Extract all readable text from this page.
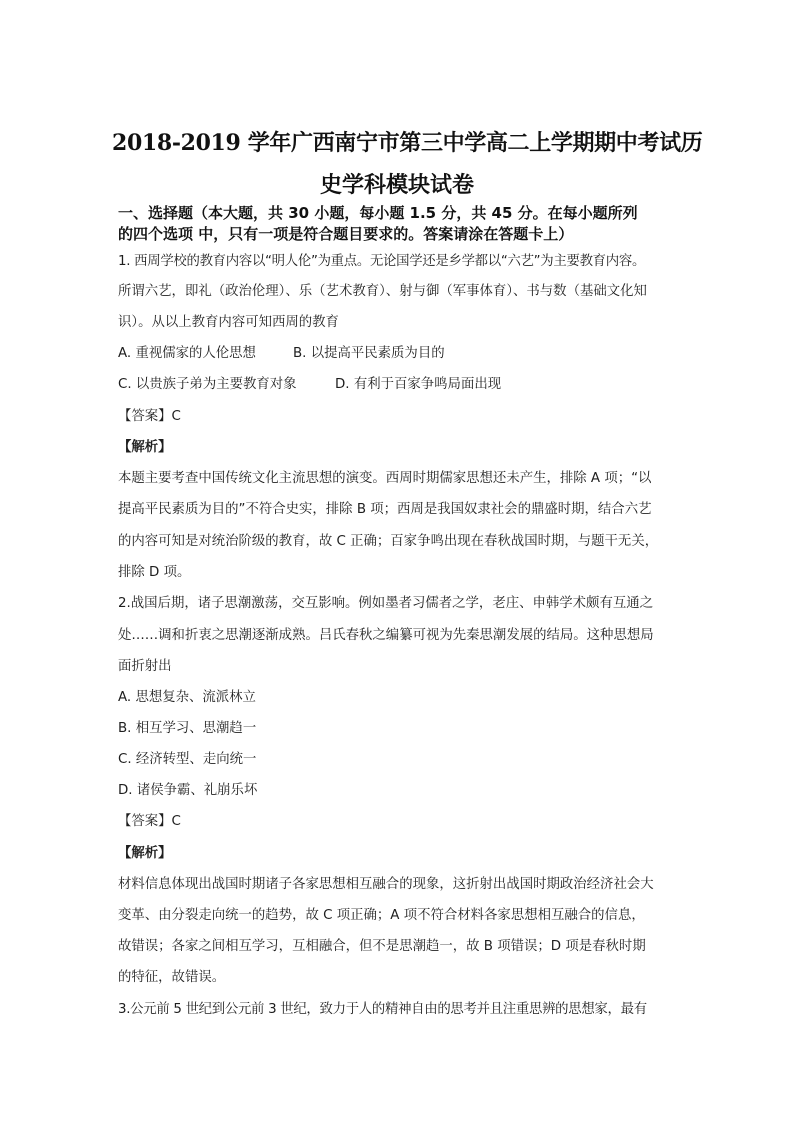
2018-2019 学年广西南宁市第三中学高二上学期期中考试历
史学科模块试卷
一、选择题（本大题，共 30 小题，每小题 1.5 分，共 45 分。在每小题所列
的四个选项 中，只有一项是符合题目要求的。答案请涂在答题卡上）
1. 西周学校的教育内容以“明人伦”为重点。无论国学还是乡学都以“六艺”为主要教育内容。
所谓六艺，即礼（政治伦理）、乐（艺术教育）、射与御（军事体育）、书与数（基础文化知
识）。从以上教育内容可知西周的教育
A. 重视儒家的人伦思想	B. 以提高平民素质为目的
C. 以贵族子弟为主要教育对象	D. 有利于百家争鸣局面出现
【答案】C
【解析】
本题主要考查中国传统文化主流思想的演变。西周时期儒家思想还未产生，排除 A 项；“以
提高平民素质为目的”不符合史实，排除 B 项；西周是我国奴隶社会的鼎盛时期，结合六艺
的内容可知是对统治阶级的教育，故 C 正确；百家争鸣出现在春秋战国时期，与题干无关，
排除 D 项。
2.战国后期，诸子思潮激荡，交互影响。例如墨者习儒者之学，老庄、申韩学术颇有互通之
处……调和折衷之思潮逐渐成熟。吕氏春秋之编纂可视为先秦思潮发展的结局。这种思想局
面折射出
A. 思想复杂、流派林立
B. 相互学习、思潮趋一
C. 经济转型、走向统一
D. 诸侯争霸、礼崩乐坏
【答案】C
【解析】
材料信息体现出战国时期诸子各家思想相互融合的现象，这折射出战国时期政治经济社会大
变革、由分裂走向统一的趋势，故 C 项正确；A 项不符合材料各家思想相互融合的信息，
故错误；各家之间相互学习，互相融合，但不是思潮趋一，故 B 项错误；D 项是春秋时期
的特征，故错误。
3.公元前 5 世纪到公元前 3 世纪，致力于人的精神自由的思考并且注重思辨的思想家，最有
